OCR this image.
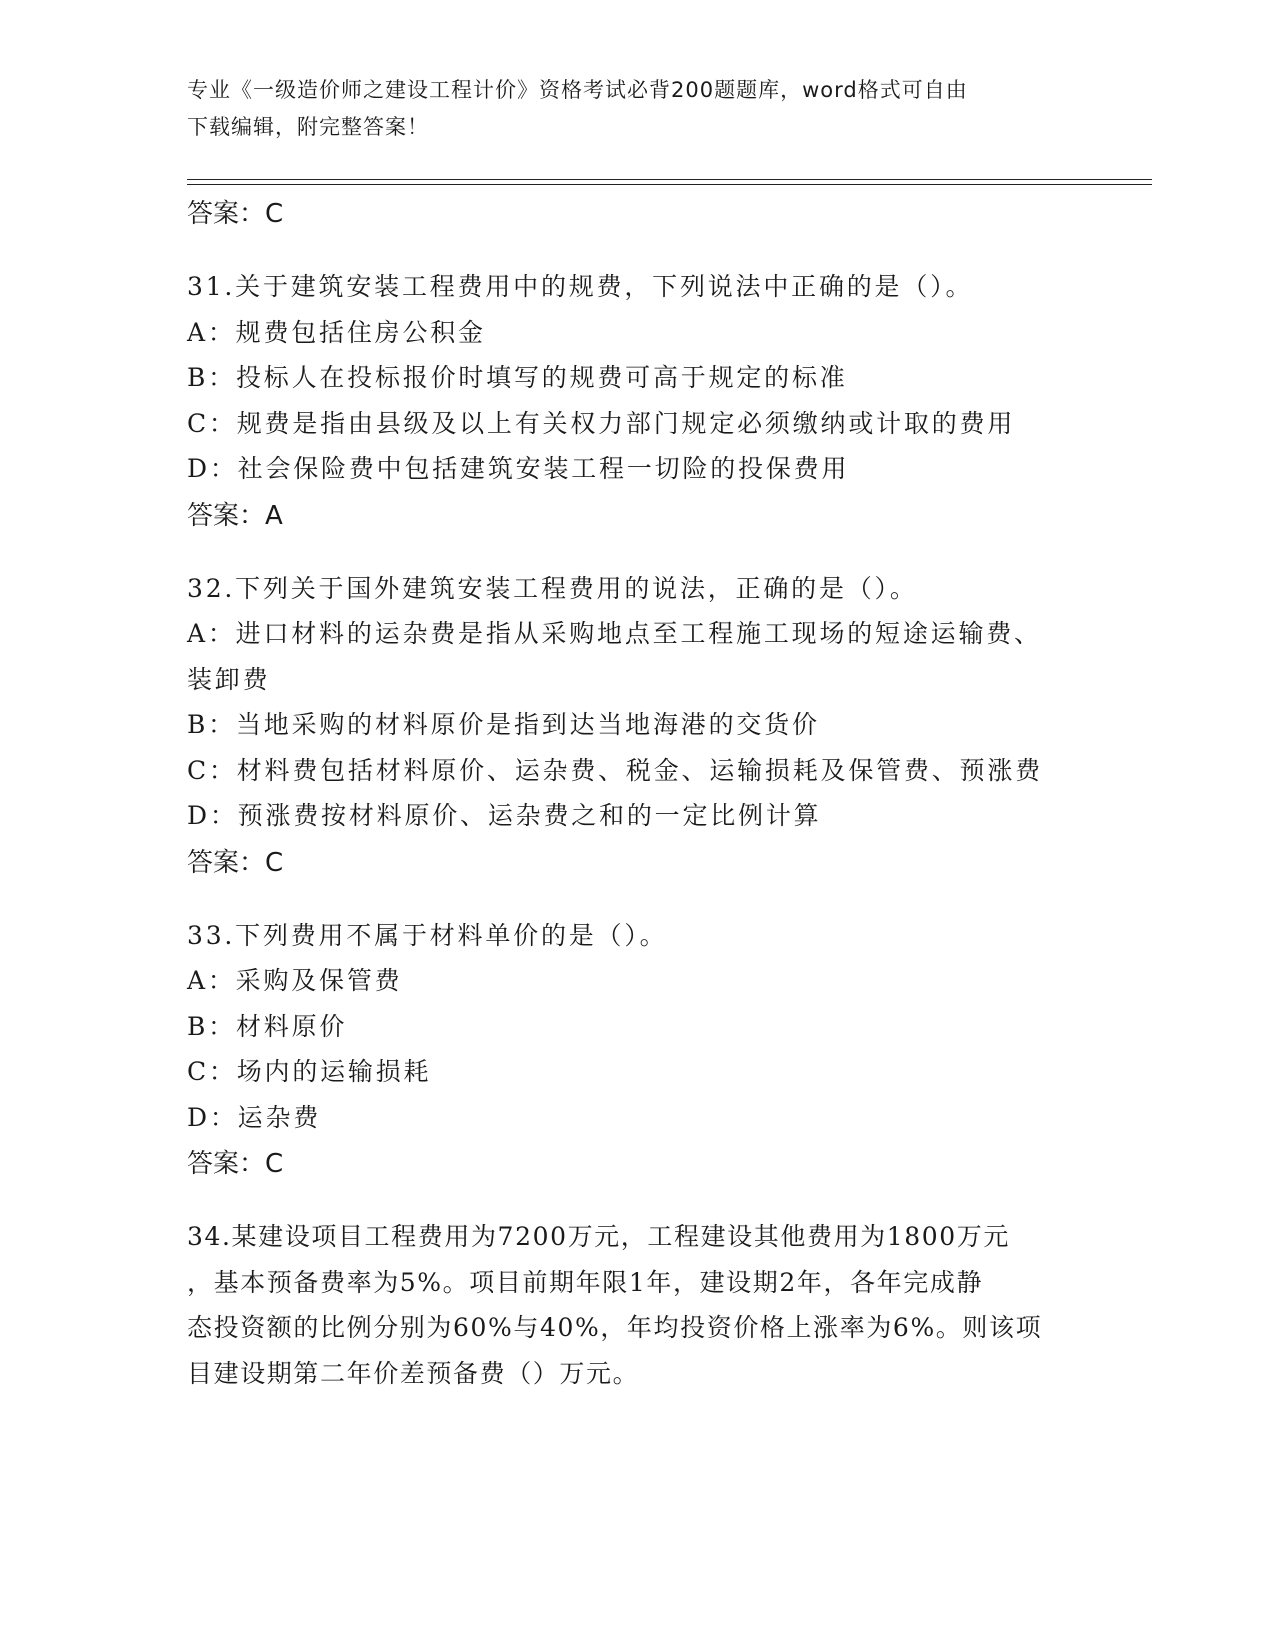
专业《一级造价师之建设工程计价》资格考试必背200题题库，word格式可自由
下载编辑，附完整答案！
答案：C
31.关于建筑安装工程费用中的规费，下列说法中正确的是（）。
A：规费包括住房公积金
B：投标人在投标报价时填写的规费可高于规定的标准
C：规费是指由县级及以上有关权力部门规定必须缴纳或计取的费用
D：社会保险费中包括建筑安装工程一切险的投保费用
答案：A
32.下列关于国外建筑安装工程费用的说法，正确的是（）。
A：进口材料的运杂费是指从采购地点至工程施工现场的短途运输费、
装卸费
B：当地采购的材料原价是指到达当地海港的交货价
C：材料费包括材料原价、运杂费、税金、运输损耗及保管费、预涨费
D：预涨费按材料原价、运杂费之和的一定比例计算
答案：C
33.下列费用不属于材料单价的是（）。
A：采购及保管费
B：材料原价
C：场内的运输损耗
D：运杂费
答案：C
34.某建设项目工程费用为7200万元，工程建设其他费用为1800万元
，基本预备费率为5%。项目前期年限1年，建设期2年，各年完成静
态投资额的比例分别为60%与40%，年均投资价格上涨率为6%。则该项
目建设期第二年价差预备费（）万元。
